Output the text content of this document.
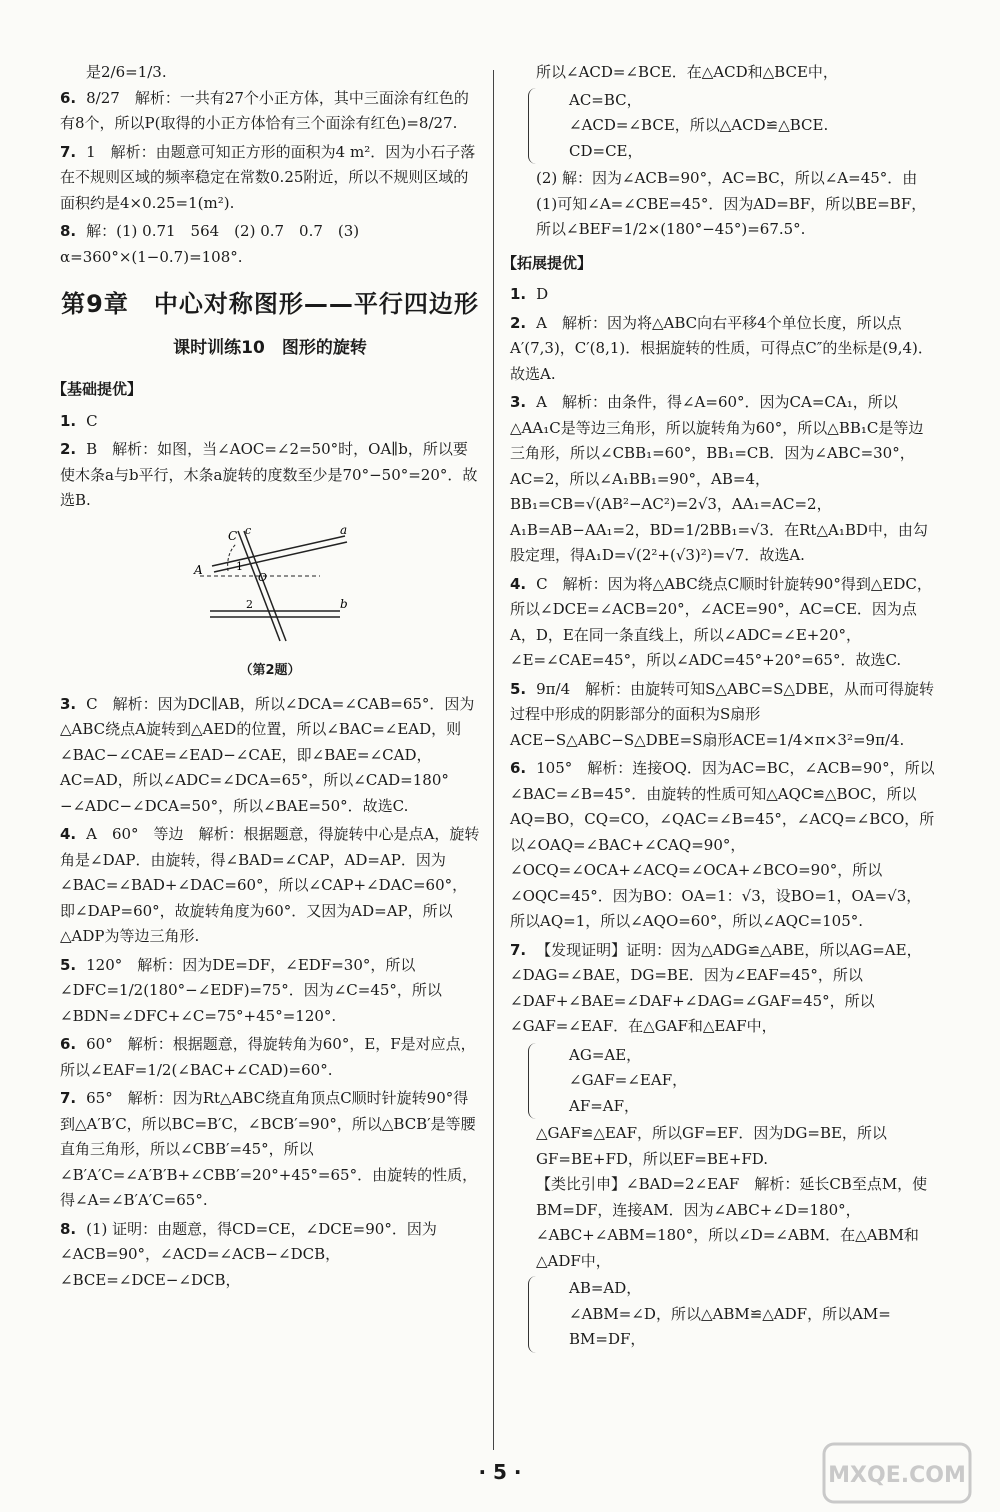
是2/6=1/3.
6. 8/27　解析：一共有27个小正方体，其中三面涂有红色的有8个，所以P(取得的小正方体恰有三个面涂有红色)=8/27.
7. 1　解析：由题意可知正方形的面积为4 m²．因为小石子落在不规则区域的频率稳定在常数0.25附近，所以不规则区域的面积约是4×0.25=1(m²).
8. 解：(1) 0.71　564　(2) 0.7　0.7　(3) α=360°×(1−0.7)=108°.
第9章　中心对称图形——平行四边形
课时训练10　图形的旋转
【基础提优】
1. C
2. B　解析：如图，当∠AOC=∠2=50°时，OA∥b，所以要使木条a与b平行，木条a旋转的度数至少是70°−50°=20°．故选B.
C c	a
A	1
O
2	b
（第2题）
3. C　解析：因为DC∥AB，所以∠DCA=∠CAB=65°．因为△ABC绕点A旋转到△AED的位置，所以∠BAC=∠EAD，则∠BAC−∠CAE=∠EAD−∠CAE，即∠BAE=∠CAD，AC=AD，所以∠ADC=∠DCA=65°，所以∠CAD=180°−∠ADC−∠DCA=50°，所以∠BAE=50°．故选C.
4. A　60°　等边　解析：根据题意，得旋转中心是点A，旋转角是∠DAP．由旋转，得∠BAD=∠CAP，AD=AP．因为∠BAC=∠BAD+∠DAC=60°，所以∠CAP+∠DAC=60°，即∠DAP=60°，故旋转角度为60°．又因为AD=AP，所以△ADP为等边三角形.
5. 120°　解析：因为DE=DF，∠EDF=30°，所以∠DFC=1/2(180°−∠EDF)=75°．因为∠C=45°，所以∠BDN=∠DFC+∠C=75°+45°=120°.
6. 60°　解析：根据题意，得旋转角为60°，E，F是对应点，所以∠EAF=1/2(∠BAC+∠CAD)=60°.
7. 65°　解析：因为Rt△ABC绕直角顶点C顺时针旋转90°得到△A′B′C，所以BC=B′C，∠BCB′=90°，所以△BCB′是等腰直角三角形，所以∠CBB′=45°，所以∠B′A′C=∠A′B′B+∠CBB′=20°+45°=65°．由旋转的性质，得∠A=∠B′A′C=65°.
8. (1) 证明：由题意，得CD=CE，∠DCE=90°．因为∠ACB=90°，∠ACD=∠ACB−∠DCB，∠BCE=∠DCE−∠DCB，
所以∠ACD=∠BCE．在△ACD和△BCE中，
AC=BC，
∠ACD=∠BCE，所以△ACD≌△BCE.
CD=CE，
(2) 解：因为∠ACB=90°，AC=BC，所以∠A=45°．由(1)可知∠A=∠CBE=45°．因为AD=BF，所以BE=BF，所以∠BEF=1/2×(180°−45°)=67.5°.
【拓展提优】
1. D
2. A　解析：因为将△ABC向右平移4个单位长度，所以点A′(7,3)，C′(8,1)．根据旋转的性质，可得点C″的坐标是(9,4)．故选A.
3. A　解析：由条件，得∠A=60°．因为CA=CA₁，所以△AA₁C是等边三角形，所以旋转角为60°，所以△BB₁C是等边三角形，所以∠CBB₁=60°，BB₁=CB．因为∠ABC=30°，AC=2，所以∠A₁BB₁=90°，AB=4，BB₁=CB=√(AB²−AC²)=2√3，AA₁=AC=2，A₁B=AB−AA₁=2，BD=1/2BB₁=√3．在Rt△A₁BD中，由勾股定理，得A₁D=√(2²+(√3)²)=√7．故选A.
4. C　解析：因为将△ABC绕点C顺时针旋转90°得到△EDC，所以∠DCE=∠ACB=20°，∠ACE=90°，AC=CE．因为点A，D，E在同一条直线上，所以∠ADC=∠E+20°，∠E=∠CAE=45°，所以∠ADC=45°+20°=65°．故选C.
5. 9π/4　解析：由旋转可知S△ABC=S△DBE，从而可得旋转过程中形成的阴影部分的面积为S扇形ACE−S△ABC−S△DBE=S扇形ACE=1/4×π×3²=9π/4.
6. 105°　解析：连接OQ．因为AC=BC，∠ACB=90°，所以∠BAC=∠B=45°．由旋转的性质可知△AQC≌△BOC，所以AQ=BO，CQ=CO，∠QAC=∠B=45°，∠ACQ=∠BCO，所以∠OAQ=∠BAC+∠CAQ=90°，∠OCQ=∠OCA+∠ACQ=∠OCA+∠BCO=90°，所以∠OQC=45°．因为BO：OA=1：√3，设BO=1，OA=√3，所以AQ=1，所以∠AQO=60°，所以∠AQC=105°.
7. 【发现证明】证明：因为△ADG≌△ABE，所以AG=AE，∠DAG=∠BAE，DG=BE．因为∠EAF=45°，所以∠DAF+∠BAE=∠DAF+∠DAG=∠GAF=45°，所以∠GAF=∠EAF．在△GAF和△EAF中，
AG=AE，
∠GAF=∠EAF，
AF=AF，
△GAF≌△EAF，所以GF=EF．因为DG=BE，所以GF=BE+FD，所以EF=BE+FD.
【类比引申】∠BAD=2∠EAF　解析：延长CB至点M，使BM=DF，连接AM．因为∠ABC+∠D=180°，∠ABC+∠ABM=180°，所以∠D=∠ABM．在△ABM和△ADF中，
AB=AD，
∠ABM=∠D，所以△ABM≌△ADF，所以AM=
BM=DF，
· 5 ·	MXQE.COM
